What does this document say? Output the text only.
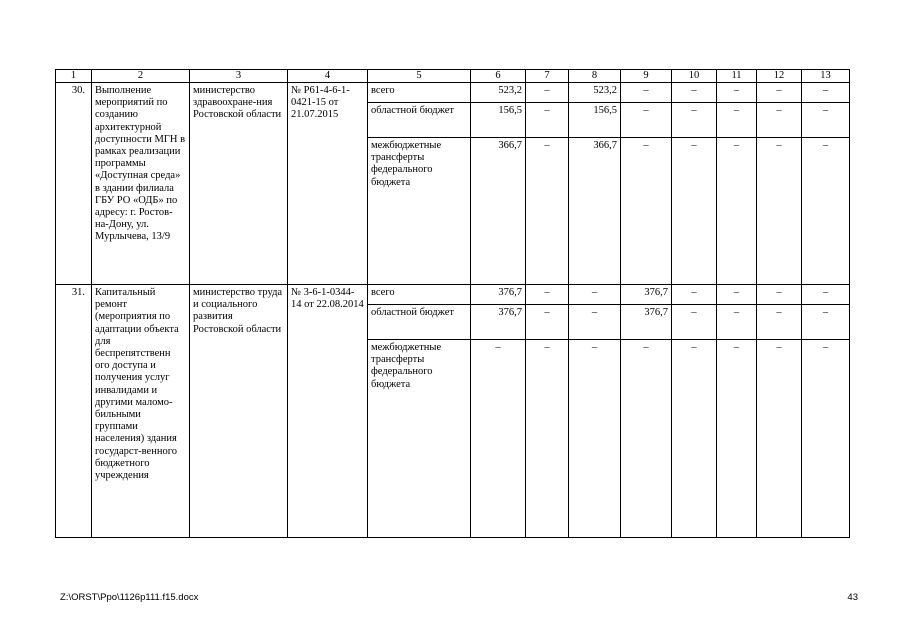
1	2	3	4	5	6	7	8	9	10	11	12	13
30.	Выполнение мероприятий по созданию архитектурной доступности МГН в рамках реализации программы «Доступная среда» в здании филиала ГБУ РО «ОДБ» по адресу: г. Ростов-на-Дону, ул. Мурлычева, 13/9	министерство здравоохране-ния Ростовской области	№ Р61-4-6-1-0421-15 от 21.07.2015	всего	523,2	–	523,2	–	–	–	–	–
				областной бюджет	156,5	–	156,5	–	–	–	–	–
				межбюджетные трансферты федерального бюджета	366,7	–	366,7	–	–	–	–	–
31.	Капитальный ремонт (мероприятия по адаптации объекта для беспрепятственн ого доступа и получения услуг инвалидами и другими маломо-бильными группами населения) здания государст-венного бюджетного учреждения	министерство труда и социального развития Ростовской области	№ 3-6-1-0344-14 от 22.08.2014	всего	376,7	–	–	376,7	–	–	–	–
				областной бюджет	376,7	–	–	376,7	–	–	–	–
				межбюджетные трансферты федерального бюджета	–	–	–	–	–	–	–	–
Z:\ORST\Ppo\1126p111.f15.docx	43
